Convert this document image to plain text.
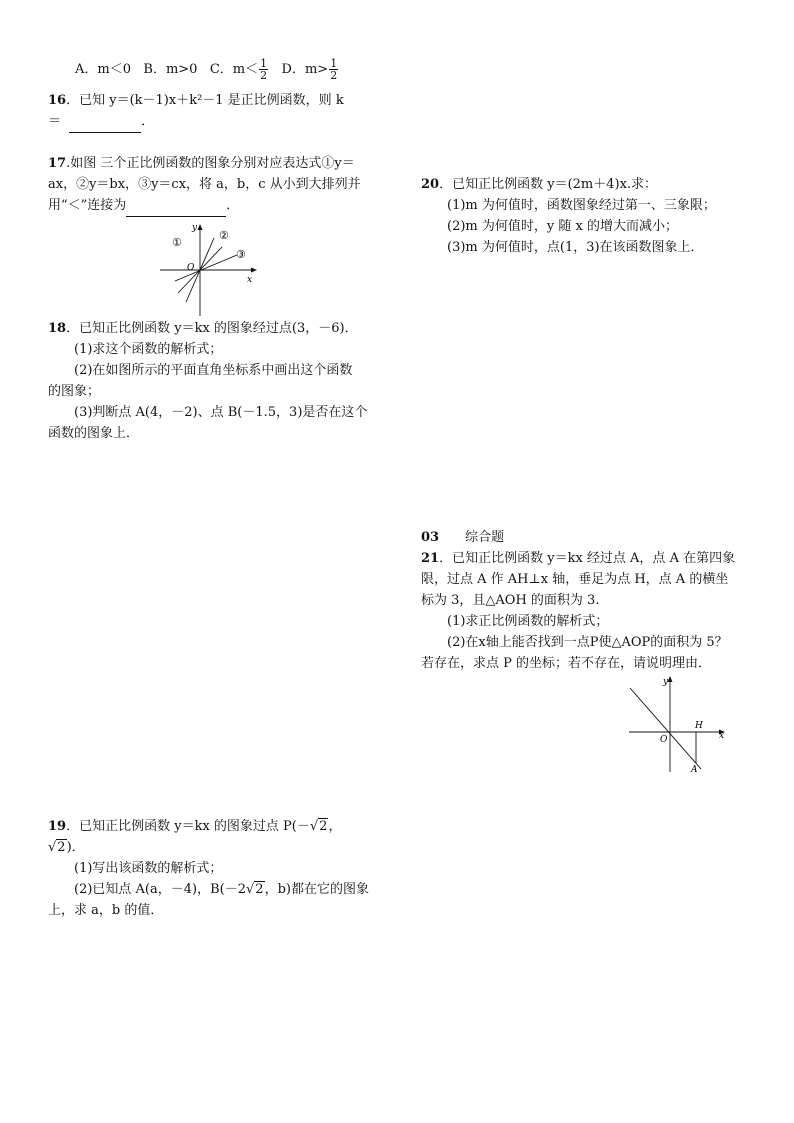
A．m＜0 B．m>0 C．$m< \frac{1}{2}$ D．$m> \frac{1}{2}$

16．已知 y＝(k－1)x＋k²－1 是正比例函数，则 k

＝	．

17.如图 三个正比例函数的图象分别对应表达式①y＝

ax，②y＝bx，③y＝cx，将 a，b，c 从小到大排列并

用“＜”连接为	．

①
②
③
O
x
y

18．已知正比例函数 y＝kx 的图象经过点(3，－6)．

(1)求这个函数的解析式；

(2)在如图所示的平面直角坐标系中画出这个函数

的图象；

(3)判断点 A(4，－2)、点 B(－1.5，3)是否在这个

函数的图象上．

19．已知正比例函数 y＝kx 的图象过点 P(－√2，

√2)．

(1)写出该函数的解析式；

(2)已知点 A(a，－4)，B(－2√2，b)都在它的图象

上，求 a，b 的值．

20．已知正比例函数 y＝(2m＋4)x.求：

(1)m 为何值时，函数图象经过第一、三象限；

(2)m 为何值时，y 随 x 的增大而减小；

(3)m 为何值时，点(1，3)在该函数图象上．

03 综合题

21．已知正比例函数 y＝kx 经过点 A，点 A 在第四象

限，过点 A 作 AH⊥x 轴，垂足为点 H，点 A 的横坐

标为 3，且△AOH 的面积为 3.

(1)求正比例函数的解析式；

(2)在x轴上能否找到一点P使△AOP的面积为 5？

若存在，求点 P 的坐标；若不存在，请说明理由．

H
O
A
x
y
